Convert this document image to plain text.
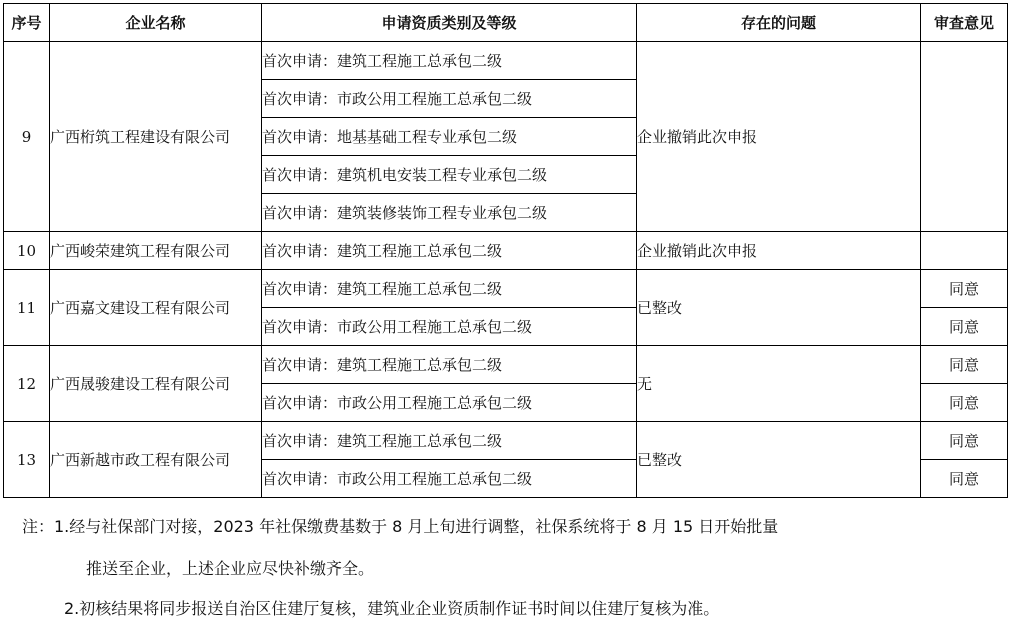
序号	企业名称	申请资质类别及等级	存在的问题	审查意见
9	广西桁筑工程建设有限公司	首次申请：建筑工程施工总承包二级	企业撤销此次申报	
		首次申请：市政公用工程施工总承包二级		
		首次申请：地基基础工程专业承包二级		
		首次申请：建筑机电安装工程专业承包二级		
		首次申请：建筑装修装饰工程专业承包二级		
10	广西峻荣建筑工程有限公司	首次申请：建筑工程施工总承包二级	企业撤销此次申报	
11	广西嘉文建设工程有限公司	首次申请：建筑工程施工总承包二级	已整改	同意
		首次申请：市政公用工程施工总承包二级		同意
12	广西晟骏建设工程有限公司	首次申请：建筑工程施工总承包二级	无	同意
		首次申请：市政公用工程施工总承包二级		同意
13	广西新越市政工程有限公司	首次申请：建筑工程施工总承包二级	已整改	同意
		首次申请：市政公用工程施工总承包二级		同意
注：1.经与社保部门对接，2023 年社保缴费基数于 8 月上旬进行调整，社保系统将于 8 月 15 日开始批量
推送至企业，上述企业应尽快补缴齐全。
2.初核结果将同步报送自治区住建厅复核，建筑业企业资质制作证书时间以住建厅复核为准。
